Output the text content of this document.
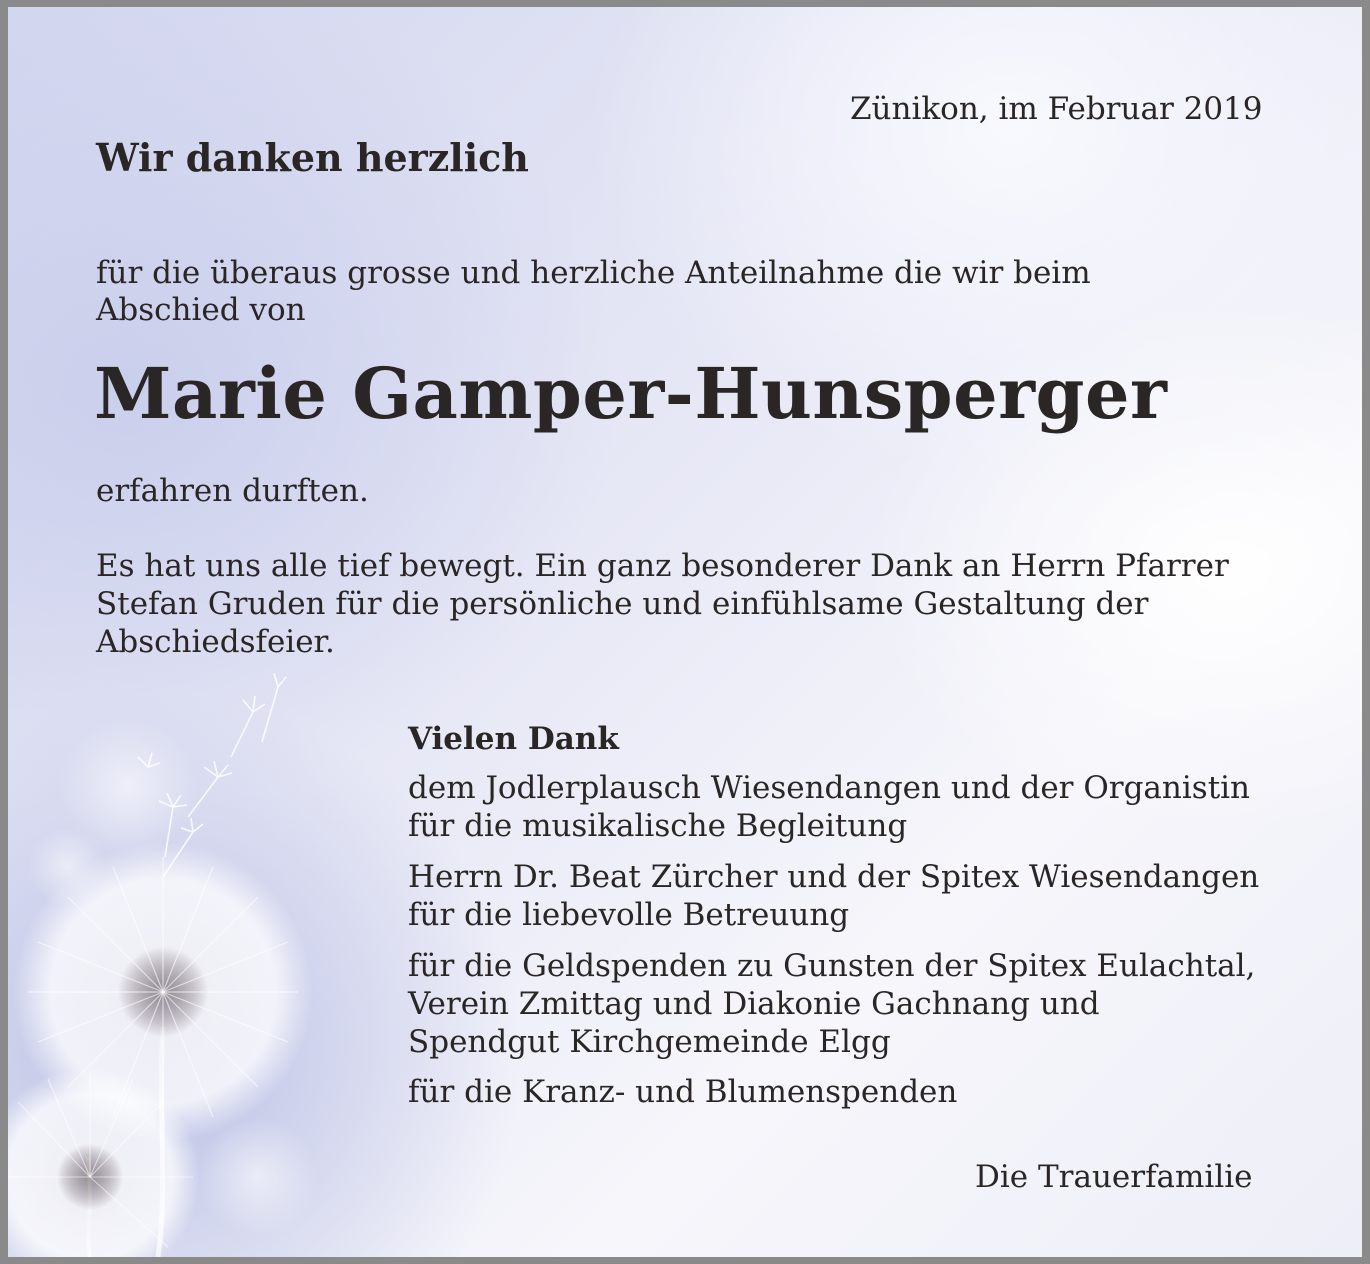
Zünikon, im Februar 2019

Wir danken herzlich
für die überaus grosse und herzliche Anteilnahme die wir beim
Abschied von
Marie Gamper-Hunsperger

erfahren durften.

Es hat uns alle tief bewegt. Ein ganz besonderer Dank an Herrn Pfarrer
Stefan Gruden für die persönliche und einfühlsame Gestaltung der
Abschiedsfeier.

Vielen Dank

dem Jodlerplausch Wiesendangen und der Organistin
für die musikalische Begleitung
Herrn Dr. Beat Zürcher und der Spitex Wiesendangen
für die liebevolle Betreuung
für die Geldspenden zu Gunsten der Spitex Eulachtal,
Verein Zmittag und Diakonie Gachnang und
Spendgut Kirchgemeinde Elgg
für die Kranz- und Blumenspenden

Die Trauerfamilie
